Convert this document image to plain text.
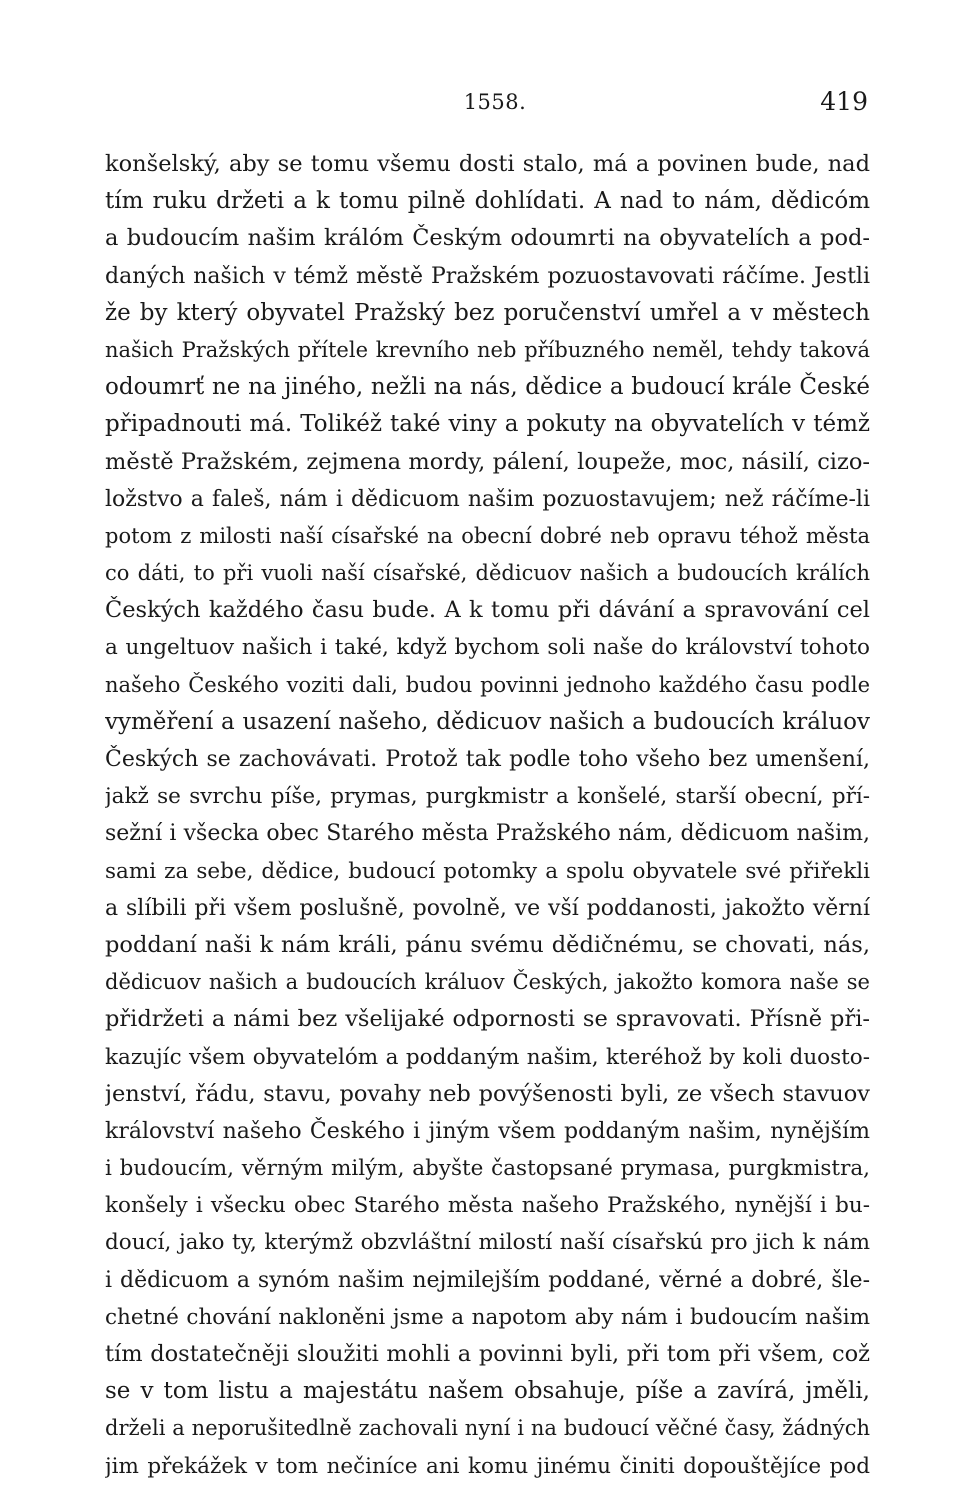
1558.	419
konšelský, aby se tomu všemu dosti stalo, má a povinen bude, nad
tím ruku držeti a k tomu pilně dohlídati. A nad to nám, dědicóm
a budoucím našim králóm Českým odoumrti na obyvatelích a pod-
daných našich v témž městě Pražském pozuostavovati ráčíme. Jestli
že by který obyvatel Pražský bez poručenství umřel a v městech
našich Pražských přítele krevního neb příbuzného neměl, tehdy taková
odoumrť ne na jiného, nežli na nás, dědice a budoucí krále České
připadnouti má. Tolikéž také viny a pokuty na obyvatelích v témž
městě Pražském, zejmena mordy, pálení, loupeže, moc, násilí, cizo-
ložstvo a faleš, nám i dědicuom našim pozuostavujem; než ráčíme-li
potom z milosti naší císařské na obecní dobré neb opravu téhož města
co dáti, to při vuoli naší císařské, dědicuov našich a budoucích králích
Českých každého času bude. A k tomu při dávání a spravování cel
a ungeltuov našich i také, když bychom soli naše do království tohoto
našeho Českého voziti dali, budou povinni jednoho každého času podle
vyměření a usazení našeho, dědicuov našich a budoucích králuov
Českých se zachovávati. Protož tak podle toho všeho bez umenšení,
jakž se svrchu píše, prymas, purgkmistr a konšelé, starší obecní, pří-
sežní i všecka obec Starého města Pražského nám, dědicuom našim,
sami za sebe, dědice, budoucí potomky a spolu obyvatele své přiřekli
a slíbili při všem poslušně, povolně, ve vší poddanosti, jakožto věrní
poddaní naši k nám králi, pánu svému dědičnému, se chovati, nás,
dědicuov našich a budoucích králuov Českých, jakožto komora naše se
přidržeti a námi bez všelijaké odpornosti se spravovati. Přísně při-
kazujíc všem obyvatelóm a poddaným našim, kteréhož by koli duosto-
jenství, řádu, stavu, povahy neb povýšenosti byli, ze všech stavuov
království našeho Českého i jiným všem poddaným našim, nynějším
i budoucím, věrným milým, abyšte častopsané prymasa, purgkmistra,
konšely i všecku obec Starého města našeho Pražského, nynější i bu-
doucí, jako ty, kterýmž obzvláštní milostí naší císařskú pro jich k nám
i dědicuom a synóm našim nejmilejším poddané, věrné a dobré, šle-
chetné chování nakloněni jsme a napotom aby nám i budoucím našim
tím dostatečněji sloužiti mohli a povinni byli, při tom při všem, což
se v tom listu a majestátu našem obsahuje, píše a zavírá, jměli,
drželi a neporušitedlně zachovali nyní i na budoucí věčné časy, žádných
jim překážek v tom nečiníce ani komu jinému činiti dopouštějíce pod
